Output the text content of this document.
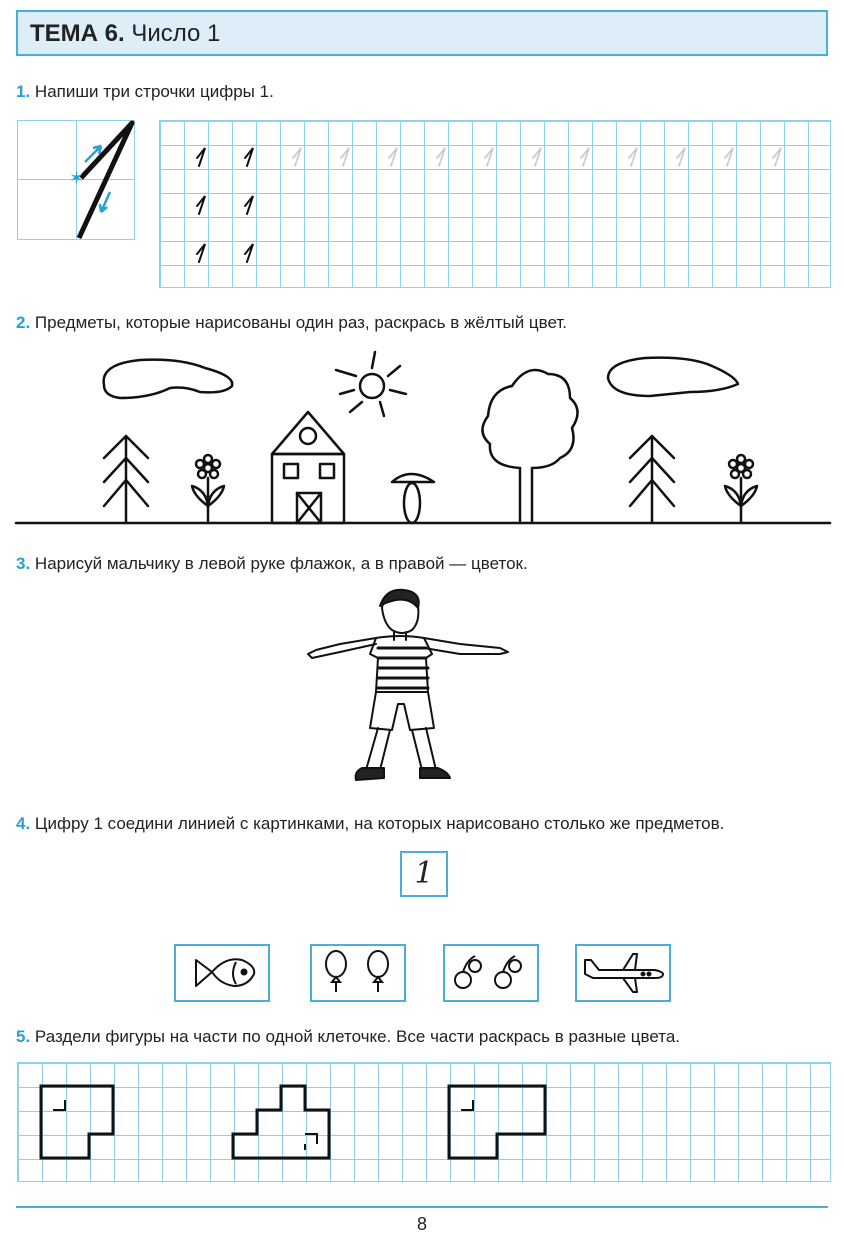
ТЕМА 6. Число 1
1. Напиши три строчки цифры 1.
✶
2. Предметы, которые нарисованы один раз, раскрась в жёлтый цвет.
3. Нарисуй мальчику в левой руке флажок, а в правой — цветок.
4. Цифру 1 соедини линией с картинками, на которых нарисовано столько же предметов.
1
5. Раздели фигуры на части по одной клеточке. Все части раскрась в разные цвета.
8
